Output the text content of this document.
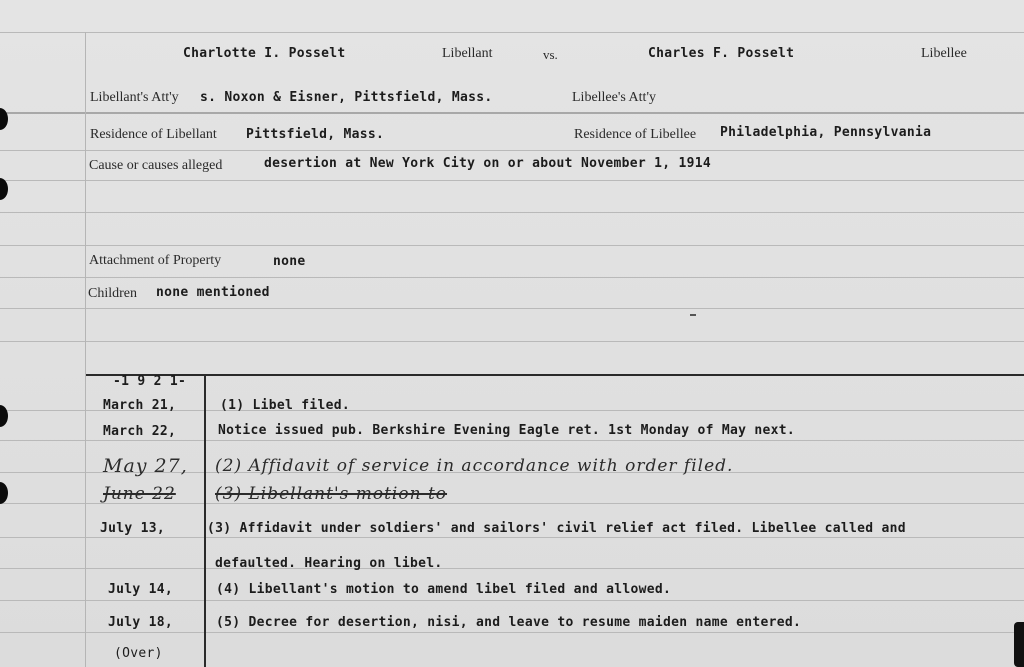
Charlotte I. Posselt	Libellant	vs.	Charles F. Posselt	Libellee
Libellant's Att'y s. Noxon & Eisner, Pittsfield, Mass.	Libellee's Att'y
Residence of Libellant Pittsfield, Mass.	Residence of Libellee Philadelphia, Pennsylvania
Cause or causes alleged	desertion at New York City on or about November 1, 1914
Attachment of Property	none
Children none mentioned
-1 9 2 1-
March 21,	(1) Libel filed.
March 22,	Notice issued pub. Berkshire Evening Eagle ret. 1st Monday of May next.
May 27, (2) Affidavit of service in accordance with order filed.
June 22 (3) Libellant's motion to
July 13,	(3) Affidavit under soldiers' and sailors' civil relief act filed. Libellee called and
defaulted. Hearing on libel.
July 14,	(4) Libellant's motion to amend libel filed and allowed.
July 18,	(5) Decree for desertion, nisi, and leave to resume maiden name entered.
(Over)
